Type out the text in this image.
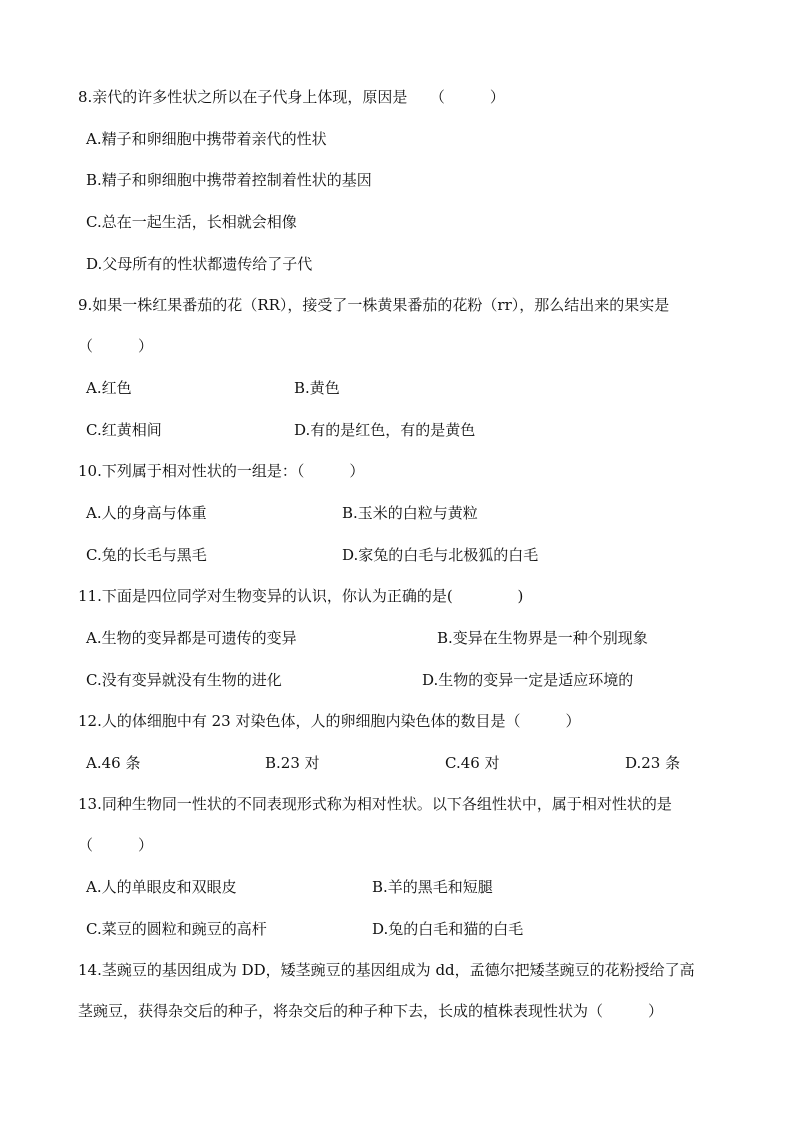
8.亲代的许多性状之所以在子代身上体现，原因是　　（　　　）
A.精子和卵细胞中携带着亲代的性状
B.精子和卵细胞中携带着控制着性状的基因
C.总在一起生活，长相就会相像
D.父母所有的性状都遗传给了子代
9.如果一株红果番茄的花（RR），接受了一株黄果番茄的花粉（rr），那么结出来的果实是
（　　　）
A.红色	B.黄色
C.红黄相间	D.有的是红色，有的是黄色
10.下列属于相对性状的一组是：（　　　）
A.人的身高与体重	B.玉米的白粒与黄粒
C.兔的长毛与黑毛	D.家兔的白毛与北极狐的白毛
11.下面是四位同学对生物变异的认识，你认为正确的是(　　　　 )
A.生物的变异都是可遗传的变异	B.变异在生物界是一种个别现象
C.没有变异就没有生物的进化	D.生物的变异一定是适应环境的
12.人的体细胞中有 23 对染色体，人的卵细胞内染色体的数目是（　　　）
A.46 条	B.23 对	C.46 对	D.23 条
13.同种生物同一性状的不同表现形式称为相对性状。以下各组性状中，属于相对性状的是
（　　　）
A.人的单眼皮和双眼皮	B.羊的黑毛和短腿
C.菜豆的圆粒和豌豆的高杆	D.兔的白毛和猫的白毛
14.茎豌豆的基因组成为 DD，矮茎豌豆的基因组成为 dd，孟德尔把矮茎豌豆的花粉授给了高
茎豌豆，获得杂交后的种子，将杂交后的种子种下去，长成的植株表现性状为（　　　）
